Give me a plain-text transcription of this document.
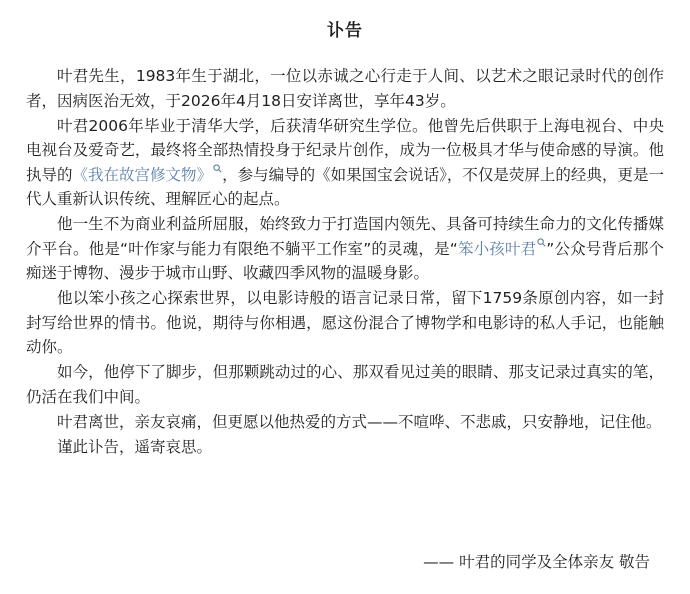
讣告

叶君先生，1983年生于湖北，一位以赤诚之心行走于人间、以艺术之眼记录时代的创作者，因病医治无效，于2026年4月18日安详离世，享年43岁。

叶君2006年毕业于清华大学，后获清华研究生学位。他曾先后供职于上海电视台、中央电视台及爱奇艺，最终将全部热情投身于纪录片创作，成为一位极具才华与使命感的导演。他执导的《我在故宫修文物》 ，参与编导的《如果国宝会说话》，不仅是荧屏上的经典，更是一代人重新认识传统、理解匠心的起点。

他一生不为商业利益所屈服，始终致力于打造国内领先、具备可持续生命力的文化传播媒介平台。他是“叶作家与能力有限绝不躺平工作室”的灵魂，是“笨小孩叶君 ”公众号背后那个痴迷于博物、漫步于城市山野、收藏四季风物的温暖身影。

他以笨小孩之心探索世界，以电影诗般的语言记录日常，留下1759条原创内容，如一封封写给世界的情书。他说，期待与你相遇，愿这份混合了博物学和电影诗的私人手记，也能触动你。

如今，他停下了脚步，但那颗跳动过的心、那双看见过美的眼睛、那支记录过真实的笔，仍活在我们中间。

叶君离世，亲友哀痛，但更愿以他热爱的方式——不喧哗、不悲戚，只安静地，记住他。

谨此讣告，遥寄哀思。

—— 叶君的同学及全体亲友 敬告
